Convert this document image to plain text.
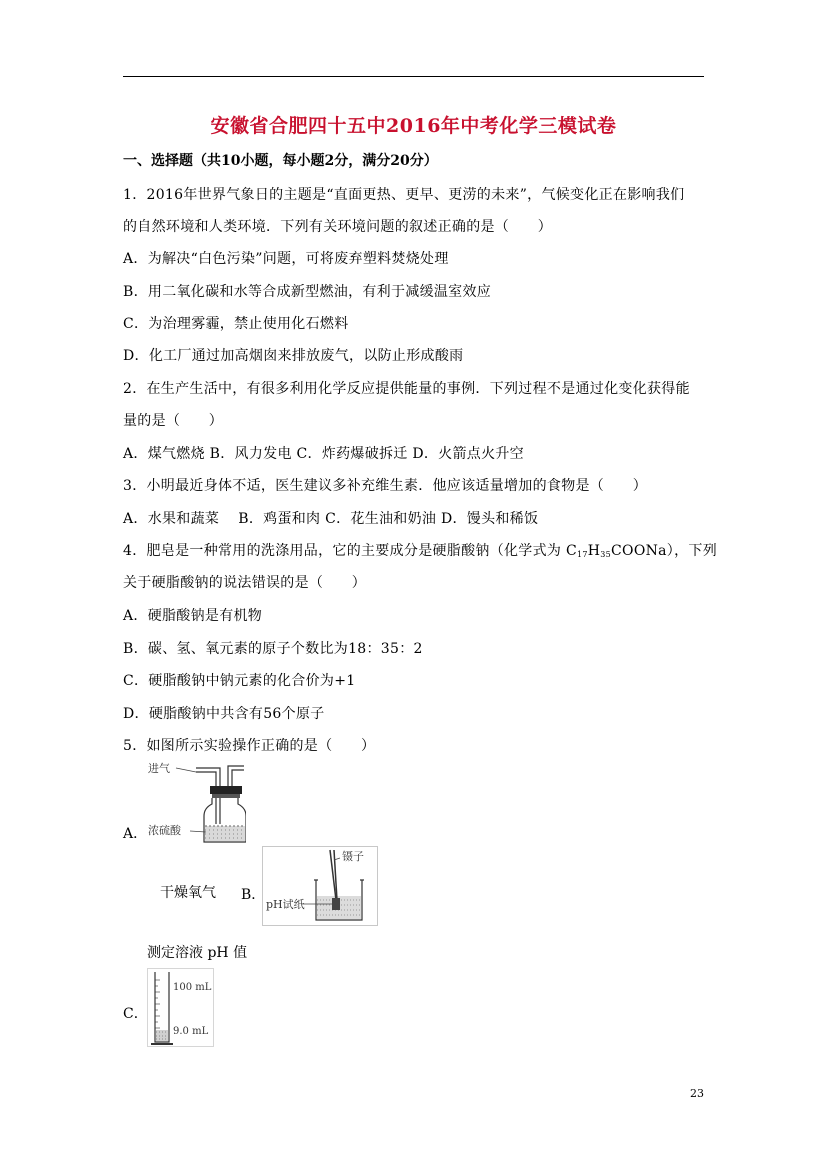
安徽省合肥四十五中2016年中考化学三模试卷
一、选择题（共10小题，每小题2分，满分20分）
1．2016年世界气象日的主题是“直面更热、更早、更涝的未来”，气候变化正在影响我们
的自然环境和人类环境．下列有关环境问题的叙述正确的是（　　）
A．为解决“白色污染”问题，可将废弃塑料焚烧处理
B．用二氧化碳和水等合成新型燃油，有利于减缓温室效应
C．为治理雾霾，禁止使用化石燃料
D．化工厂通过加高烟囱来排放废气，以防止形成酸雨
2．在生产生活中，有很多利用化学反应提供能量的事例．下列过程不是通过化变化获得能
量的是（　　）
A．煤气燃烧 B．风力发电 C．炸药爆破拆迁 D．火箭点火升空
3．小明最近身体不适，医生建议多补充维生素．他应该适量增加的食物是（　　）
A．水果和蔬菜　 B．鸡蛋和肉 C．花生油和奶油 D．馒头和稀饭
4．肥皂是一种常用的洗涤用品，它的主要成分是硬脂酸钠（化学式为 $C_{17}H_{35}COONa$），下列
关于硬脂酸钠的说法错误的是（　　）
A．硬脂酸钠是有机物
B．碳、氢、氧元素的原子个数比为18：35：2
C．硬脂酸钠中钠元素的化合价为+1
D．硬脂酸钠中共含有56个原子
5．如图所示实验操作正确的是（　　）
A．
进气
浓硫酸
干燥氧气 B．
镊子
pH试纸
测定溶液 pH 值
C．
100 mL
9.0 mL
23
